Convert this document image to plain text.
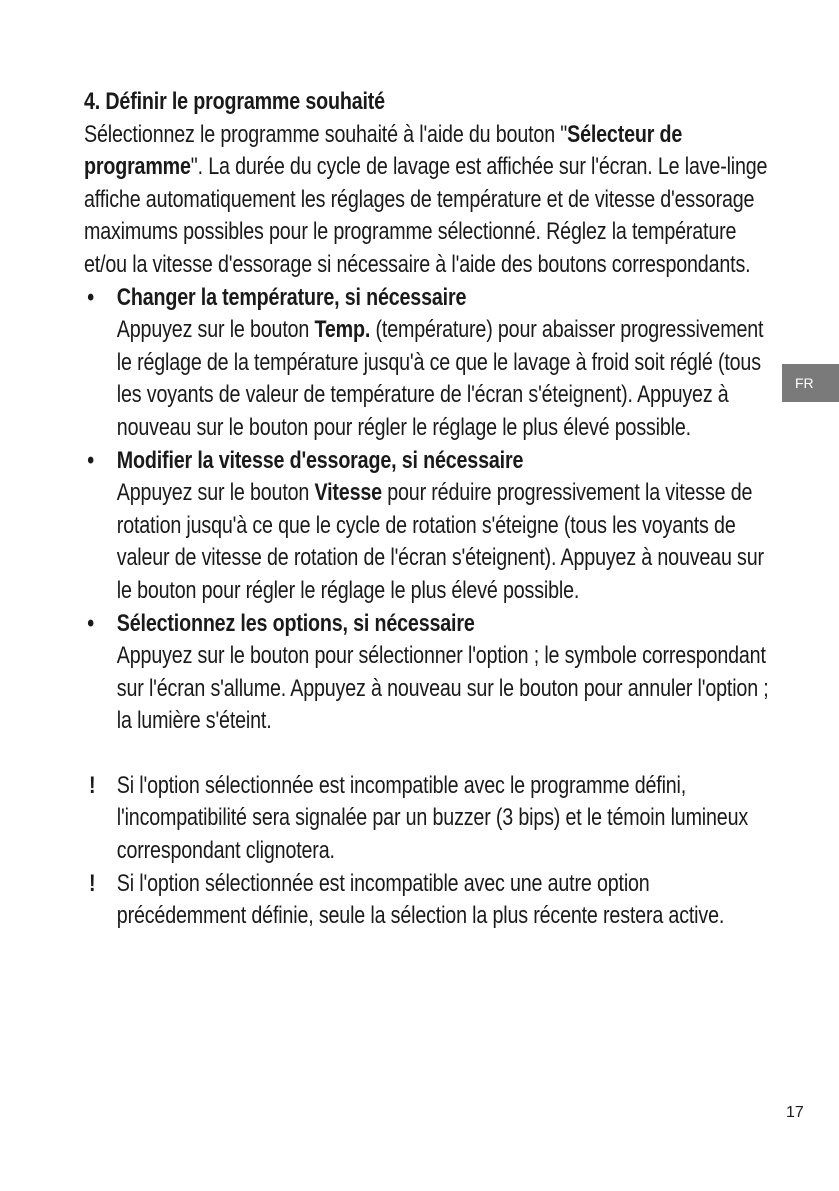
4. Définir le programme souhaité

Sélectionnez le programme souhaité à l'aide du bouton "Sélecteur de programme". La durée du cycle de lavage est affichée sur l'écran. Le lave-linge affiche automatiquement les réglages de température et de vitesse d'essorage maximums possibles pour le programme sélectionné. Réglez la température et/ou la vitesse d'essorage si nécessaire à l'aide des boutons correspondants.

• Changer la température, si nécessaire
Appuyez sur le bouton Temp. (température) pour abaisser progressivement le réglage de la température jusqu'à ce que le lavage à froid soit réglé (tous les voyants de valeur de température de l'écran s'éteignent). Appuyez à nouveau sur le bouton pour régler le réglage le plus élevé possible.
• Modifier la vitesse d'essorage, si nécessaire
Appuyez sur le bouton Vitesse pour réduire progressivement la vitesse de rotation jusqu'à ce que le cycle de rotation s'éteigne (tous les voyants de valeur de vitesse de rotation de l'écran s'éteignent). Appuyez à nouveau sur le bouton pour régler le réglage le plus élevé possible.
• Sélectionnez les options, si nécessaire
Appuyez sur le bouton pour sélectionner l'option ; le symbole correspondant sur l'écran s'allume. Appuyez à nouveau sur le bouton pour annuler l'option ; la lumière s'éteint.
! Si l'option sélectionnée est incompatible avec le programme défini, l'incompatibilité sera signalée par un buzzer (3 bips) et le témoin lumineux correspondant clignotera.
! Si l'option sélectionnée est incompatible avec une autre option précédemment définie, seule la sélection la plus récente restera active.
FR
17
